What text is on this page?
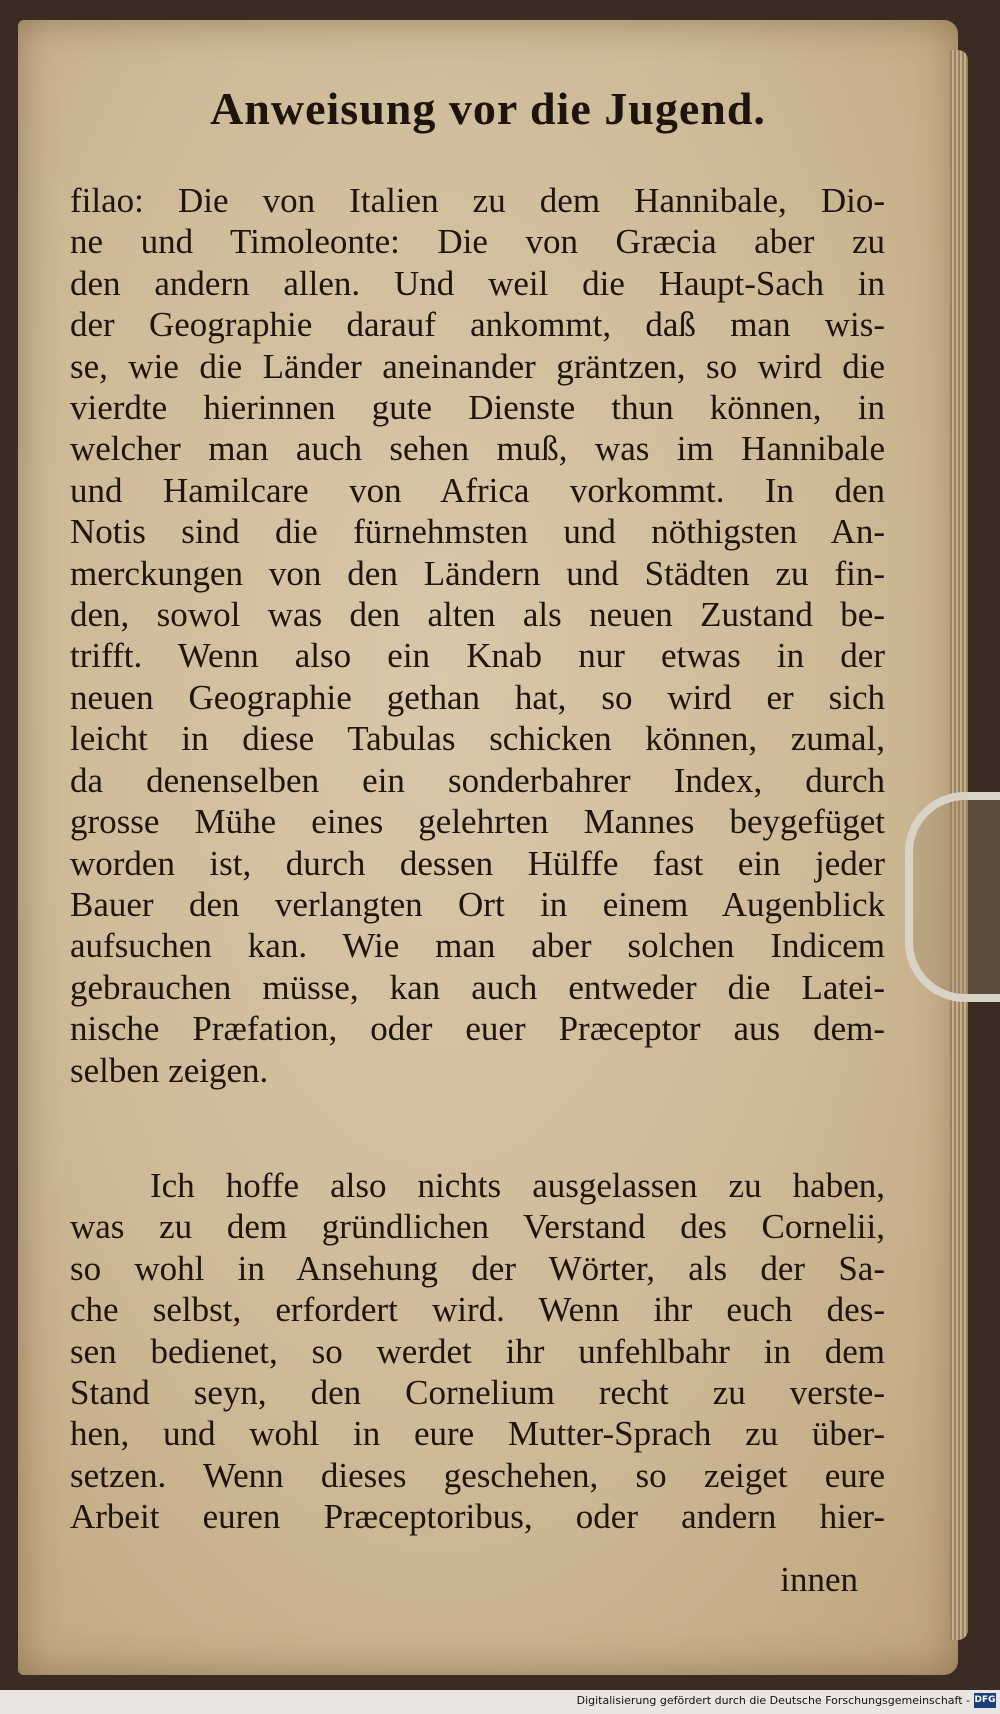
Anweisung vor die Jugend.
filao: Die von Italien zu dem Hannibale, Dio-
ne und Timoleonte: Die von Græcia aber zu
den andern allen. Und weil die Haupt-Sach in
der Geographie darauf ankommt, daß man wis-
se, wie die Länder aneinander gräntzen, so wird die
vierdte hierinnen gute Dienste thun können, in
welcher man auch sehen muß, was im Hannibale
und Hamilcare von Africa vorkommt. In den
Notis sind die fürnehmsten und nöthigsten An-
merckungen von den Ländern und Städten zu fin-
den, sowol was den alten als neuen Zustand be-
trifft. Wenn also ein Knab nur etwas in der
neuen Geographie gethan hat, so wird er sich
leicht in diese Tabulas schicken können, zumal,
da denenselben ein sonderbahrer Index, durch
grosse Mühe eines gelehrten Mannes beygefüget
worden ist, durch dessen Hülffe fast ein jeder
Bauer den verlangten Ort in einem Augenblick
aufsuchen kan. Wie man aber solchen Indicem
gebrauchen müsse, kan auch entweder die Latei-
nische Præfation, oder euer Præceptor aus dem-
selben zeigen.
Ich hoffe also nichts ausgelassen zu haben,
was zu dem gründlichen Verstand des Cornelii,
so wohl in Ansehung der Wörter, als der Sa-
che selbst, erfordert wird. Wenn ihr euch des-
sen bedienet, so werdet ihr unfehlbahr in dem
Stand seyn, den Cornelium recht zu verste-
hen, und wohl in eure Mutter-Sprach zu über-
setzen. Wenn dieses geschehen, so zeiget eure
Arbeit euren Præceptoribus, oder andern hier-
innen
Digitalisierung gefördert durch die Deutsche Forschungsgemeinschaft - DFG
